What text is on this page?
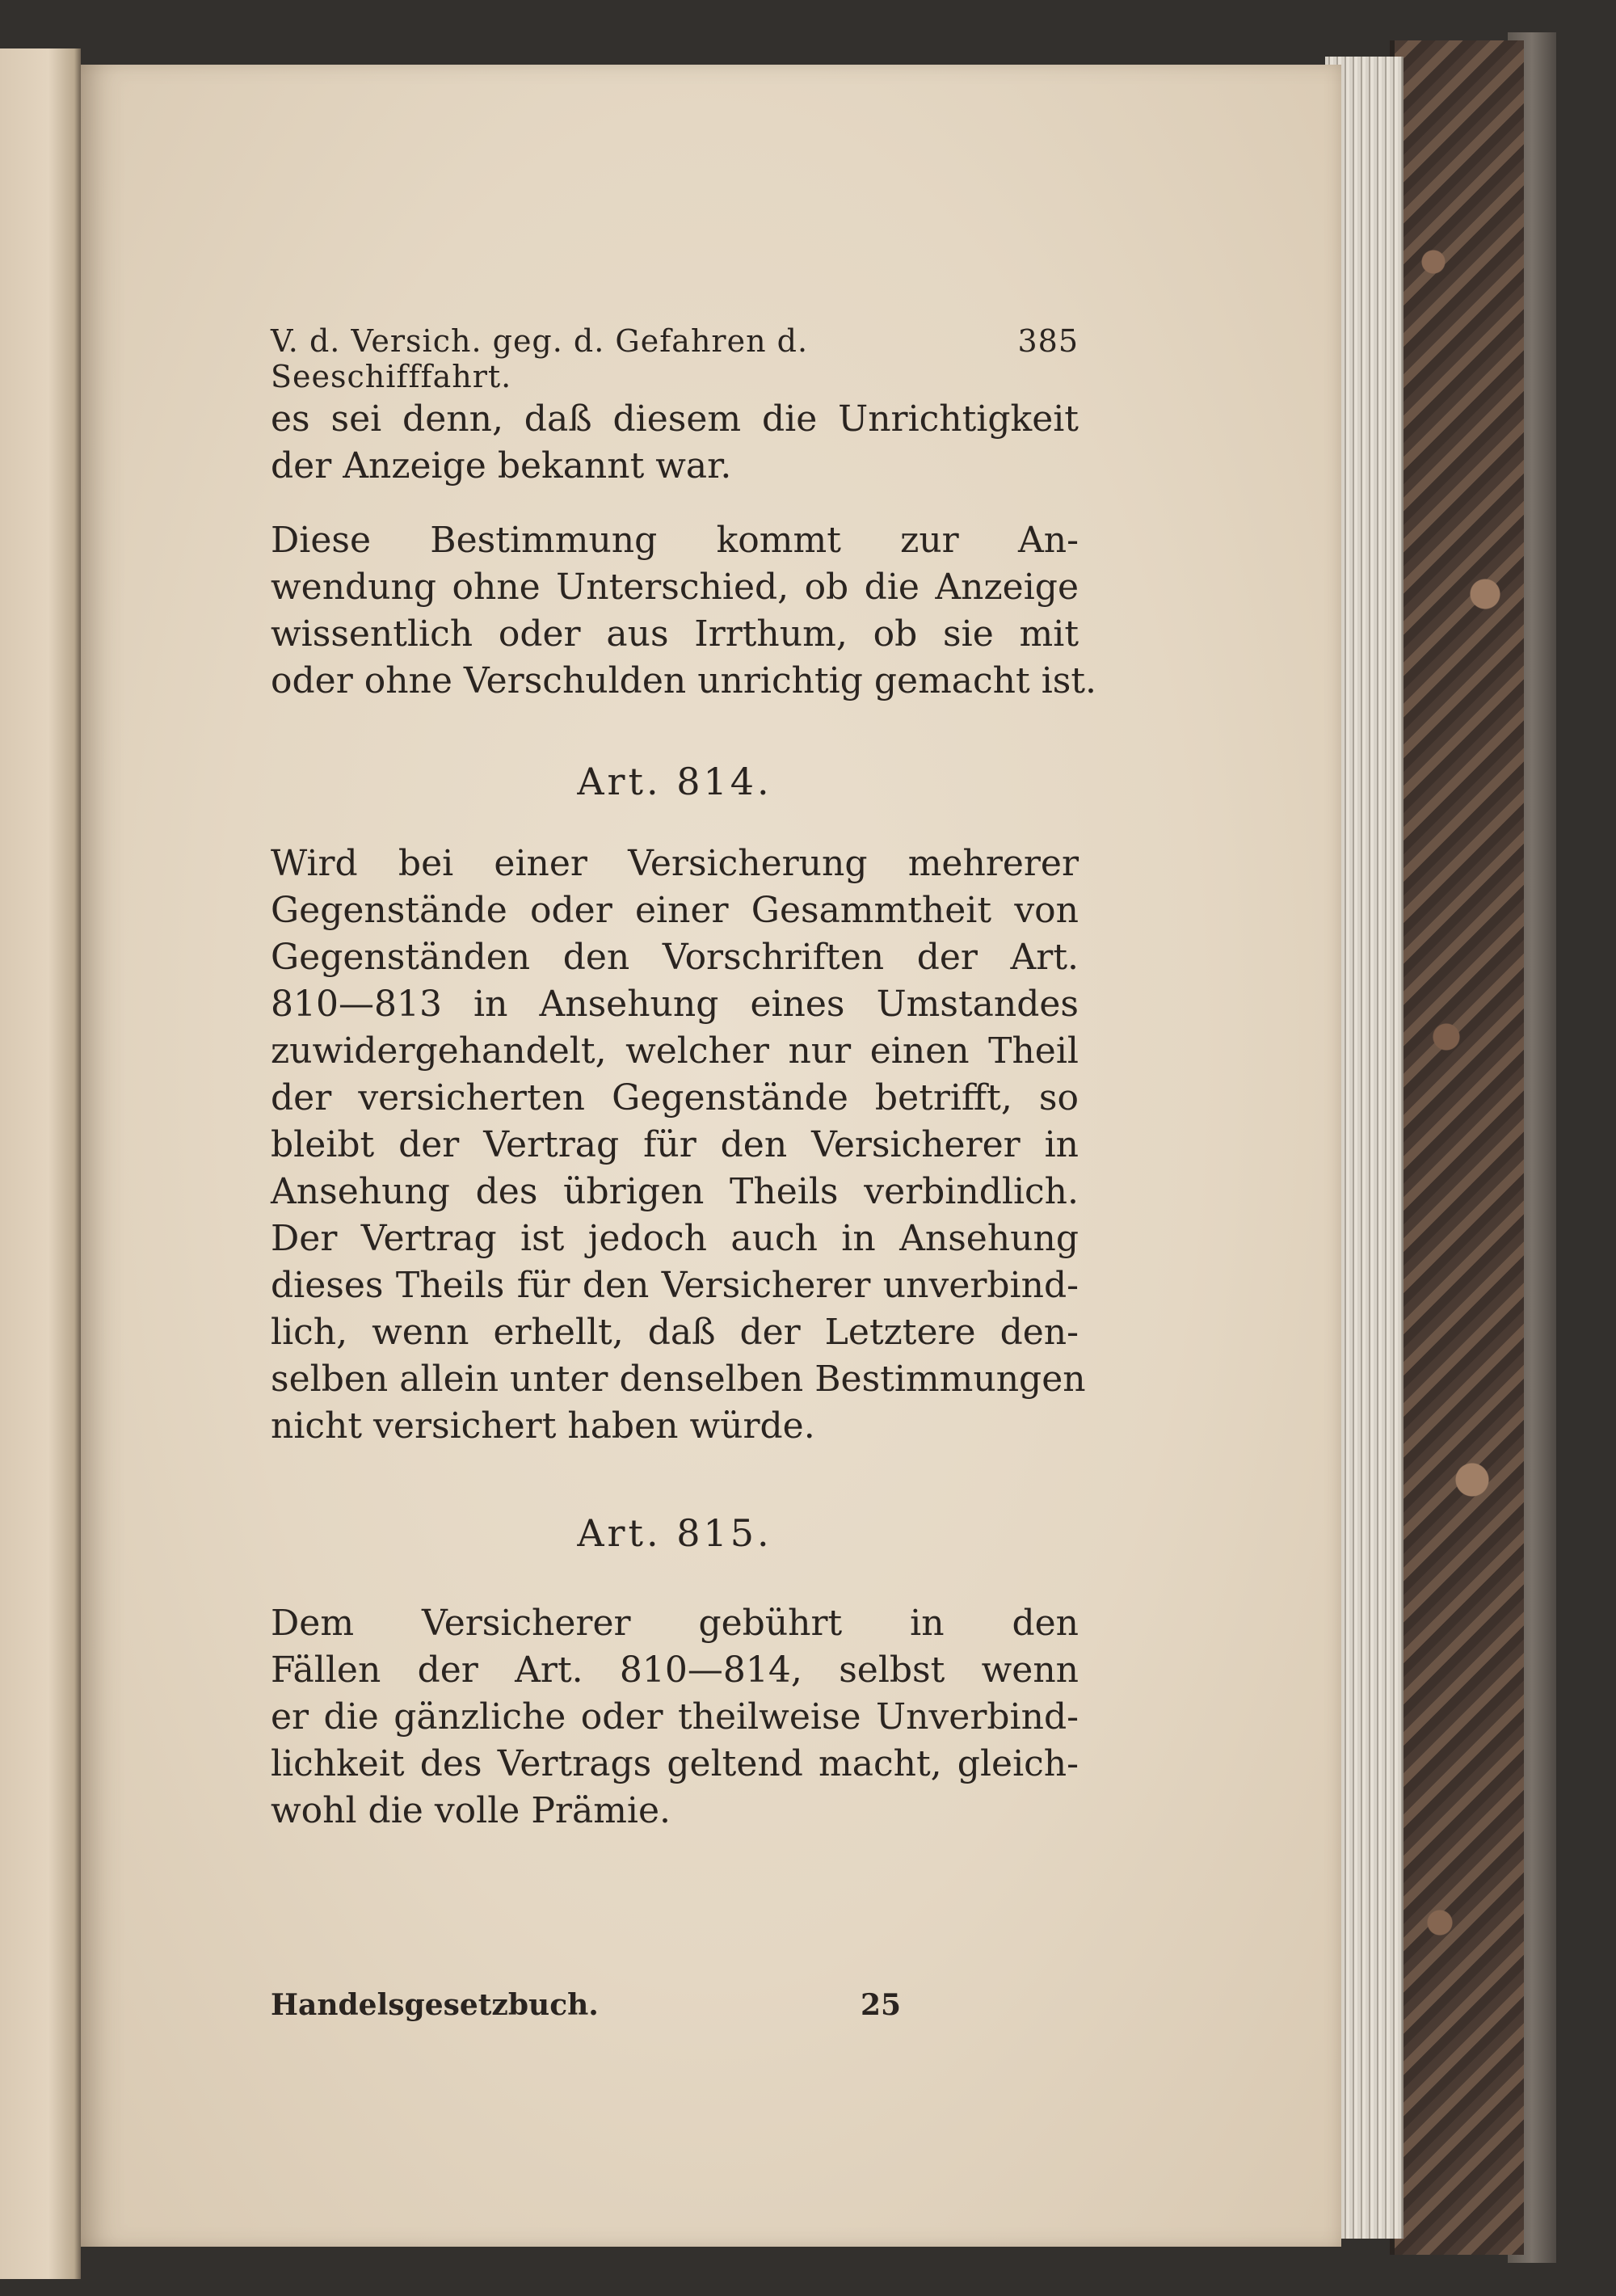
V. d. Versich. geg. d. Gefahren d. Seeschifffahrt.
385

es sei denn, daß diesem die Unrichtigkeit
der Anzeige bekannt war.

Diese Bestimmung kommt zur An-
wendung ohne Unterschied, ob die Anzeige
wissentlich oder aus Irrthum, ob sie mit
oder ohne Verschulden unrichtig gemacht ist.

Art. 814.

Wird bei einer Versicherung mehrerer
Gegenstände oder einer Gesammtheit von
Gegenständen den Vorschriften der Art.
810—813 in Ansehung eines Umstandes
zuwidergehandelt, welcher nur einen Theil
der versicherten Gegenstände betrifft, so
bleibt der Vertrag für den Versicherer in
Ansehung des übrigen Theils verbindlich.
Der Vertrag ist jedoch auch in Ansehung
dieses Theils für den Versicherer unverbind-
lich, wenn erhellt, daß der Letztere den-
selben allein unter denselben Bestimmungen
nicht versichert haben würde.

Art. 815.

Dem Versicherer gebührt in den
Fällen der Art. 810—814, selbst wenn
er die gänzliche oder theilweise Unverbind-
lichkeit des Vertrags geltend macht, gleich-
wohl die volle Prämie.

Handelsgesetzbuch.	25
